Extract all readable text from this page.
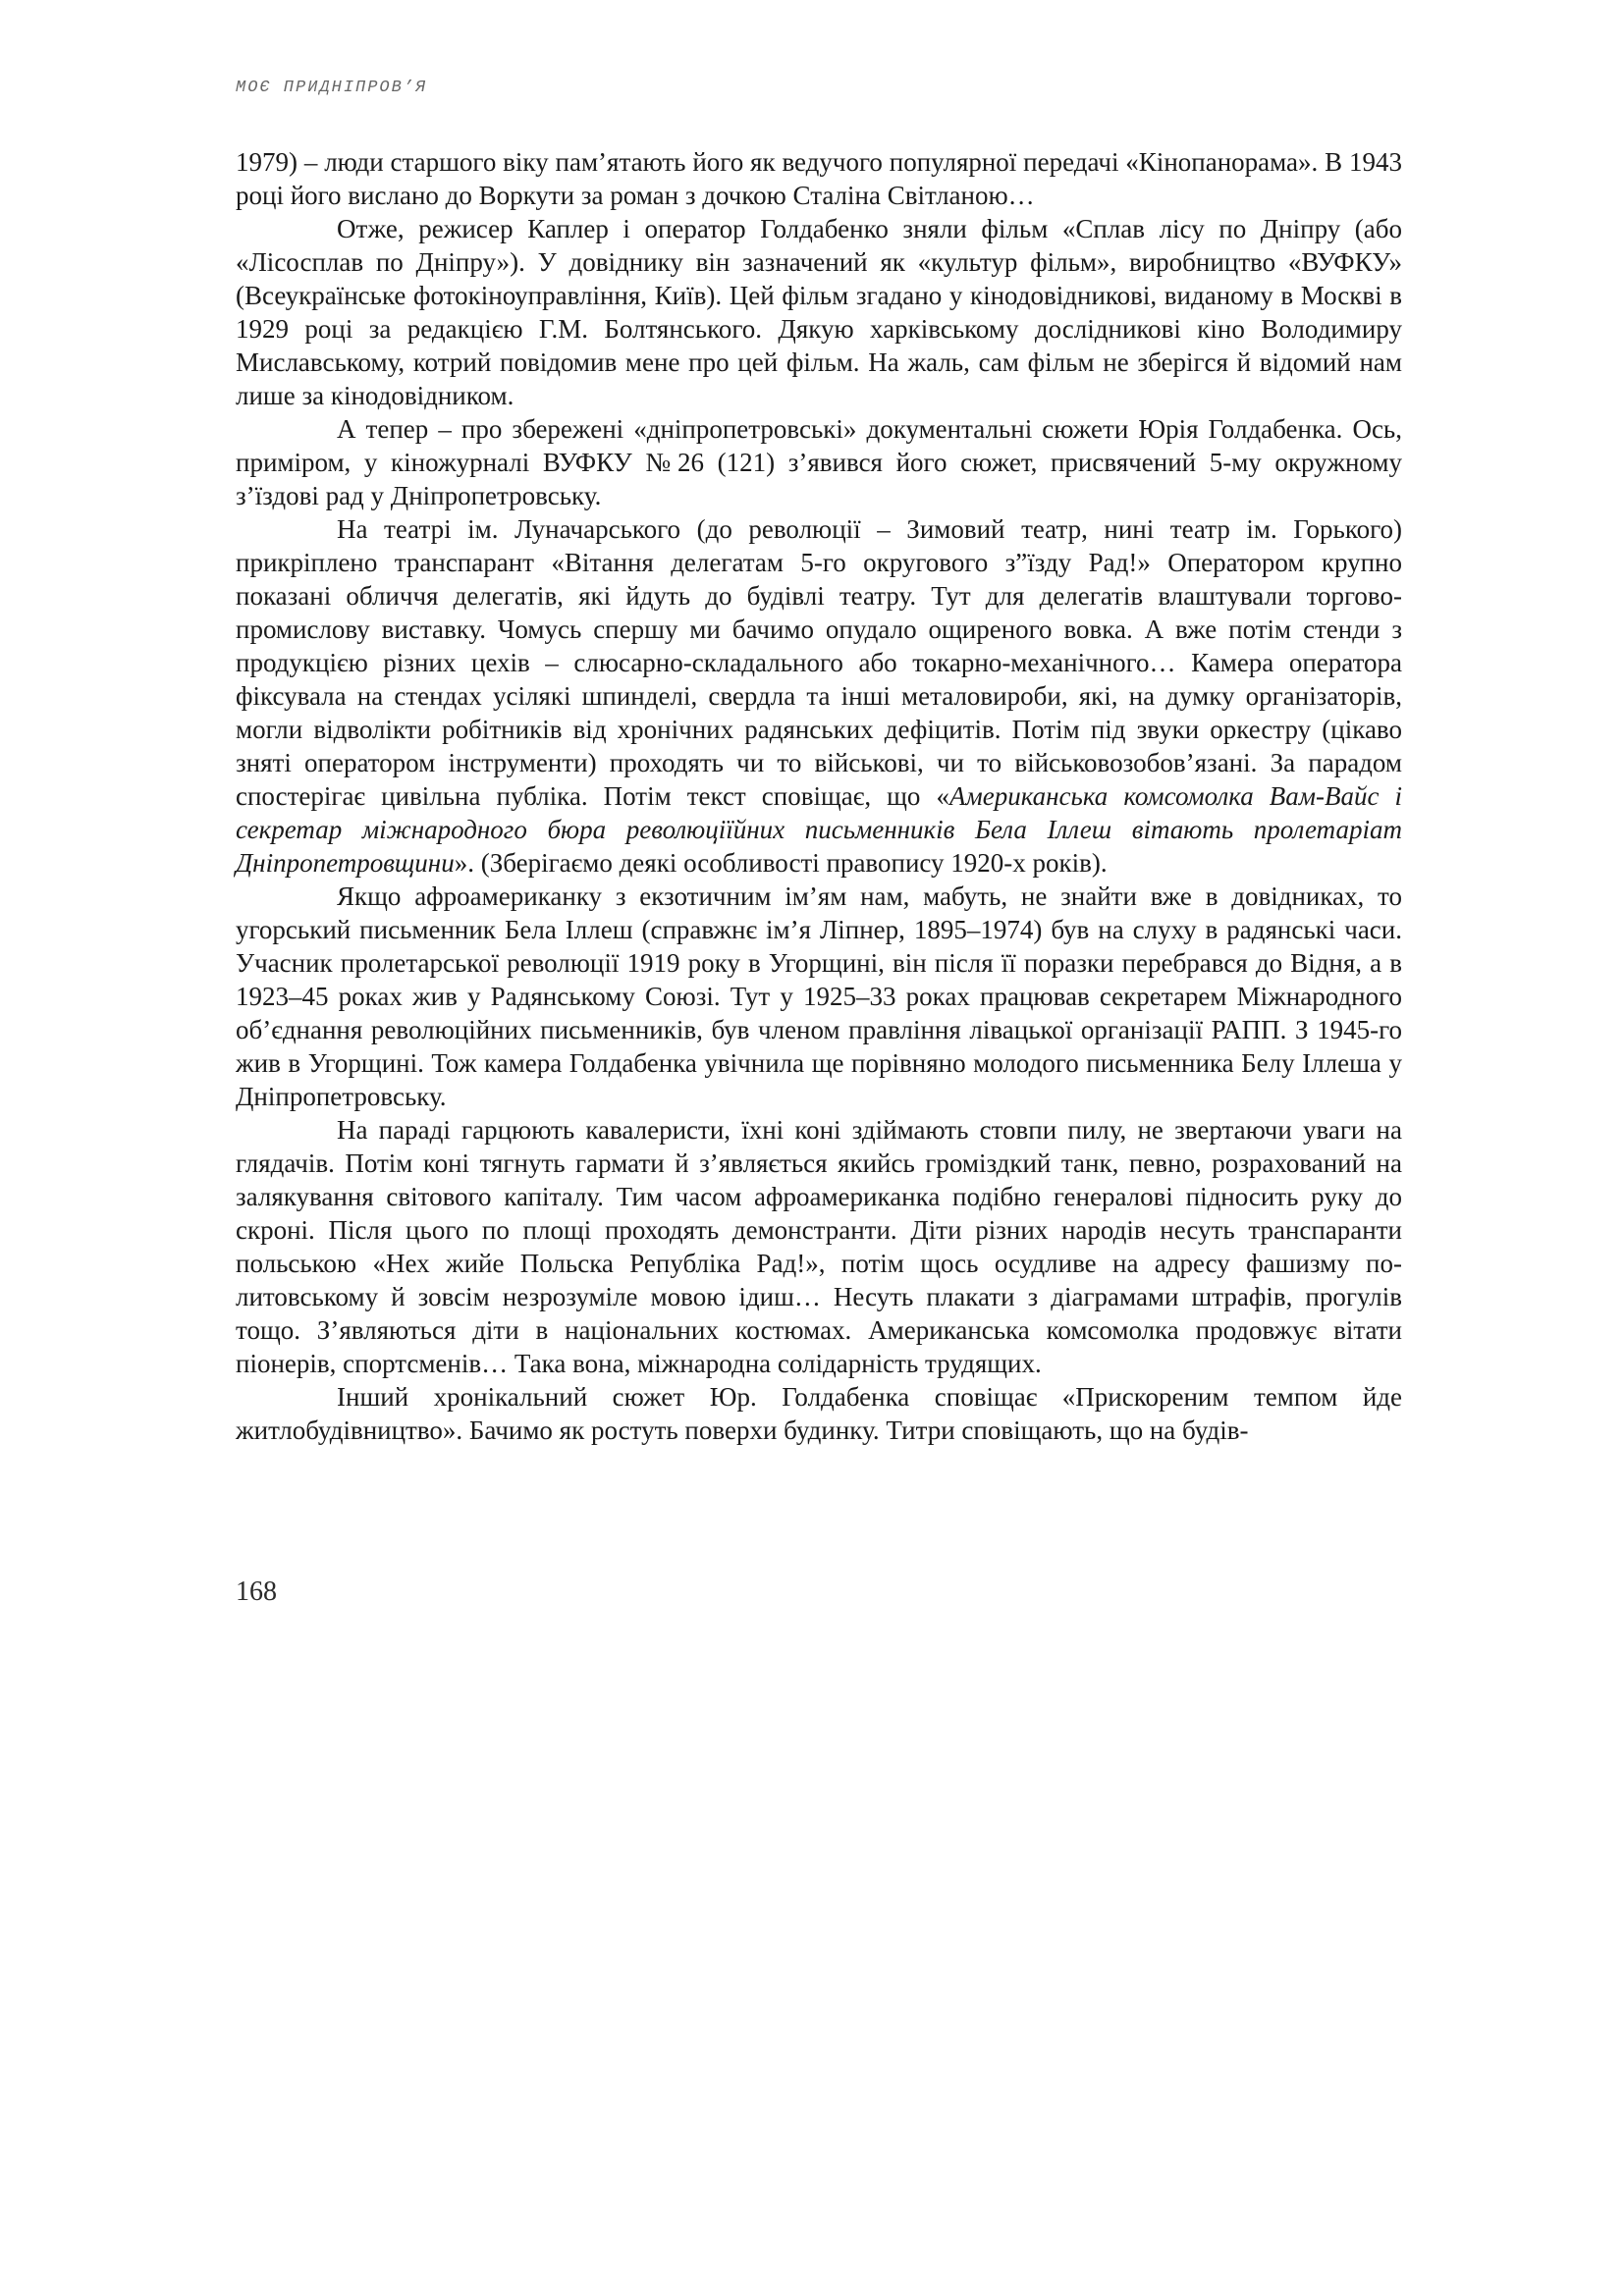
МОЄ ПРИДНІПРОВ’Я

1979) – люди старшого віку пам’ятають його як ведучого популярної передачі «Кінопанорама». В 1943 році його вислано до Воркути за роман з дочкою Сталіна Світланою…

Отже, режисер Каплер і оператор Голдабенко зняли фільм «Сплав лісу по Дніпру (або «Лісосплав по Дніпру»). У довіднику він зазначений як «культур фільм», виробництво «ВУФКУ» (Всеукраїнське фотокіноуправління, Київ). Цей фільм згадано у кінодовідникові, виданому в Москві в 1929 році за редакцією Г.М. Болтянського. Дякую харківському дослідникові кіно Володимиру Миславському, котрий повідомив мене про цей фільм. На жаль, сам фільм не зберігся й відомий нам лише за кінодовідником.

А тепер – про збережені «дніпропетровські» документальні сюжети Юрія Голдабенка. Ось, приміром, у кіножурналі ВУФКУ №26 (121) з’явився його сюжет, присвячений 5-му окружному з’їздові рад у Дніпропетровську.

На театрі ім. Луначарського (до революції – Зимовий театр, нині театр ім. Горького) прикріплено транспарант «Вітання делегатам 5-го округового з”їзду Рад!» Оператором крупно показані обличчя делегатів, які йдуть до будівлі театру. Тут для делегатів влаштували торгово-промислову виставку. Чомусь спершу ми бачимо опудало ощиреного вовка. А вже потім стенди з продукцією різних цехів – слюсарно-складального або токарно-механічного… Камера оператора фіксувала на стендах усілякі шпинделі, свердла та інші металовироби, які, на думку організаторів, могли відволікти робітників від хронічних радянських дефіцитів. Потім під звуки оркестру (цікаво зняті оператором інструменти) проходять чи то військові, чи то військовозобов’язані. За парадом спостерігає цивільна публіка. Потім текст сповіщає, що «Американська комсомолка Вам-Вайс і секретар міжнародного бюра революціїйних письменників Бела Іллеш вітають пролетаріат Дніпропетровщини». (Зберігаємо деякі особливості правопису 1920-х років).

Якщо афроамериканку з екзотичним ім’ям нам, мабуть, не знайти вже в довідниках, то угорський письменник Бела Іллеш (справжнє ім’я Ліпнер, 1895–1974) був на слуху в радянські часи. Учасник пролетарської революції 1919 року в Угорщині, він після її поразки перебрався до Відня, а в 1923–45 роках жив у Радянському Союзі. Тут у 1925–33 роках працював секретарем Міжнародного об’єднання революційних письменників, був членом правління лівацької організації РАПП. З 1945-го жив в Угорщині. Тож камера Голдабенка увічнила ще порівняно молодого письменника Белу Іллеша у Дніпропетровську.

На параді гарцюють кавалеристи, їхні коні здіймають стовпи пилу, не звертаючи уваги на глядачів. Потім коні тягнуть гармати й з’являється якийсь громіздкий танк, певно, розрахований на залякування світового капіталу. Тим часом афроамериканка подібно генералові підносить руку до скроні. Після цього по площі проходять демонстранти. Діти різних народів несуть транспаранти польською «Нех жийе Польска Републіка Рад!», потім щось осудливе на адресу фашизму по-литовському й зовсім незрозуміле мовою ідиш… Несуть плакати з діаграмами штрафів, прогулів тощо. З’являються діти в національних костюмах. Американська комсомолка продовжує вітати піонерів, спортсменів… Така вона, міжнародна солідарність трудящих.

Інший хронікальний сюжет Юр. Голдабенка сповіщає «Прискореним темпом йде житлобудівництво». Бачимо як ростуть поверхи будинку. Титри сповіщають, що на будів-

168
